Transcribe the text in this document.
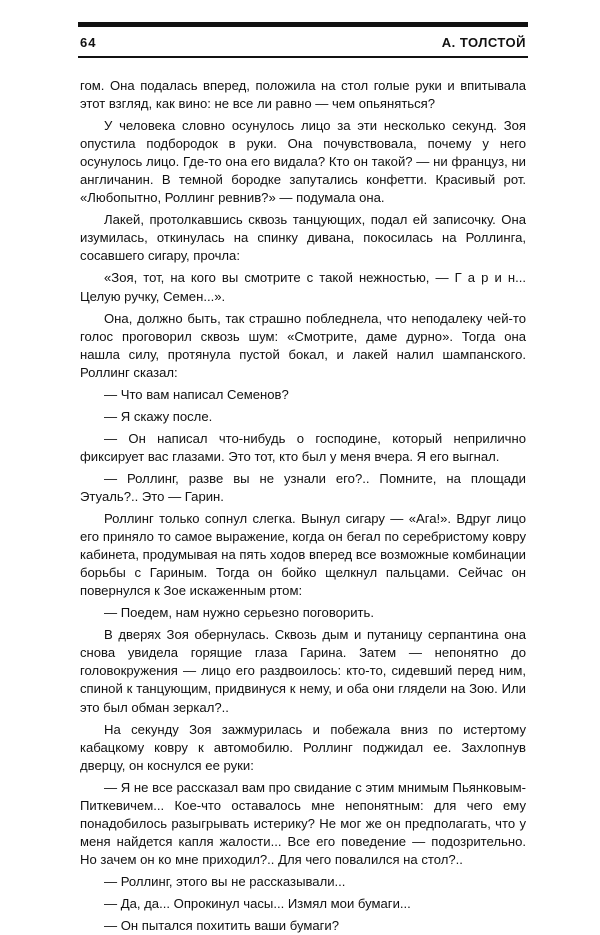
64	А. ТОЛСТОЙ

гом. Она подалась вперед, положила на стол голые руки и впитывала этот взгляд, как вино: не все ли равно — чем опьяняться?

У человека словно осунулось лицо за эти несколько секунд. Зоя опустила подбородок в руки. Она почувствовала, почему у него осунулось лицо. Где-то она его видала? Кто он такой? — ни француз, ни англичанин. В темной бородке запутались конфетти. Красивый рот. «Любопытно, Роллинг ревнив?» — подумала она.

Лакей, протолкавшись сквозь танцующих, подал ей записочку. Она изумилась, откинулась на спинку дивана, покосилась на Роллинга, сосавшего сигару, прочла:

«Зоя, тот, на кого вы смотрите с такой нежностью, — Г а р и н... Целую ручку, Семен...».

Она, должно быть, так страшно побледнела, что неподалеку чей-то голос проговорил сквозь шум: «Смотрите, даме дурно». Тогда она нашла силу, протянула пустой бокал, и лакей налил шампанского. Роллинг сказал:

— Что вам написал Семенов?

— Я скажу после.

— Он написал что-нибудь о господине, который неприлично фиксирует вас глазами. Это тот, кто был у меня вчера. Я его выгнал.

— Роллинг, разве вы не узнали его?.. Помните, на площади Этуаль?.. Это — Гарин.

Роллинг только сопнул слегка. Вынул сигару — «Ага!». Вдруг лицо его приняло то самое выражение, когда он бегал по серебристому ковру кабинета, продумывая на пять ходов вперед все возможные комбинации борьбы с Гариным. Тогда он бойко щелкнул пальцами. Сейчас он повернулся к Зое искаженным ртом:

— Поедем, нам нужно серьезно поговорить.

В дверях Зоя обернулась. Сквозь дым и путаницу серпантина она снова увидела горящие глаза Гарина. Затем — непонятно до головокружения — лицо его раздвоилось: кто-то, сидевший перед ним, спиной к танцующим, придвинуся к нему, и оба они глядели на Зою. Или это был обман зеркал?..

На секунду Зоя зажмурилась и побежала вниз по истертому кабацкому ковру к автомобилю. Роллинг поджидал ее. Захлопнув дверцу, он коснулся ее руки:

— Я не все рассказал вам про свидание с этим мнимым Пьянковым-Питкевичем... Кое-что оставалось мне непонятным: для чего ему понадобилось разыгрывать истерику? Не мог же он предполагать, что у меня найдется капля жалости... Все его поведение — подозрительно. Но зачем он ко мне приходил?.. Для чего повалился на стол?..

— Роллинг, этого вы не рассказывали...

— Да, да... Опрокинул часы... Измял мои бумаги...

— Он пытался похитить ваши бумаги?
